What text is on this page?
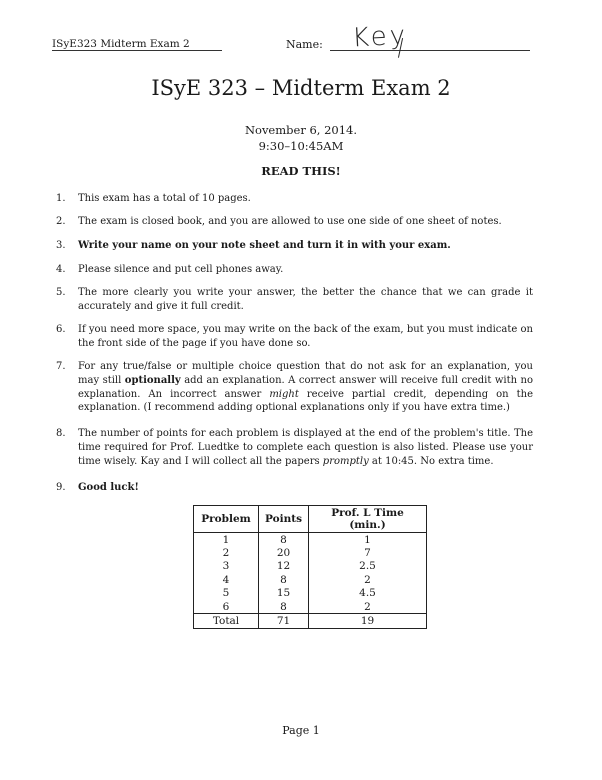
ISyE323 Midterm Exam 2	Name: Key
ISyE 323 – Midterm Exam 2
November 6, 2014.
9:30–10:45AM
READ THIS!
1. This exam has a total of 10 pages.
2. The exam is closed book, and you are allowed to use one side of one sheet of notes.
3. Write your name on your note sheet and turn it in with your exam.
4. Please silence and put cell phones away.
5. The more clearly you write your answer, the better the chance that we can grade it accurately and give it full credit.
6. If you need more space, you may write on the back of the exam, but you must indicate on the front side of the page if you have done so.
7. For any true/false or multiple choice question that do not ask for an explanation, you may still optionally add an explanation. A correct answer will receive full credit with no explanation. An incorrect answer might receive partial credit, depending on the explanation. (I recommend adding optional explanations only if you have extra time.)
8. The number of points for each problem is displayed at the end of the problem's title. The time required for Prof. Luedtke to complete each question is also listed. Please use your time wisely. Kay and I will collect all the papers promptly at 10:45. No extra time.
9. Good luck!
Problem	Points	Prof. L Time (min.)
1	8	1
2	20	7
3	12	2.5
4	8	2
5	15	4.5
6	8	2
Total	71	19
Page 1
